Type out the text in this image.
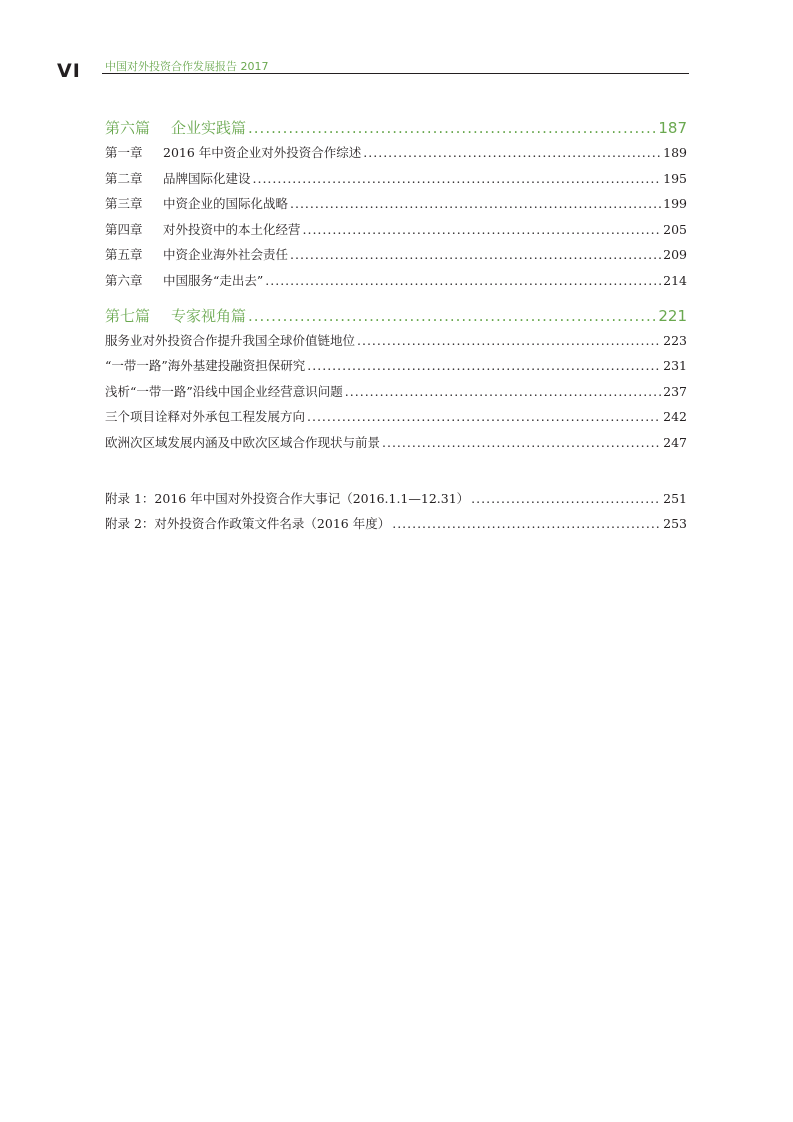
VI 中国对外投资合作发展报告 2017
第六篇	企业实践篇 .....	187
第一章	2016 年中资企业对外投资合作综述 .....	189
第二章	品牌国际化建设 .....	195
第三章	中资企业的国际化战略 .....	199
第四章	对外投资中的本土化经营 .....	205
第五章	中资企业海外社会责任 .....	209
第六章	中国服务“走出去” .....	214
第七篇	专家视角篇 .....	221
服务业对外投资合作提升我国全球价值链地位 .....	223
“一带一路”海外基建投融资担保研究 .....	231
浅析“一带一路”沿线中国企业经营意识问题 .....	237
三个项目诠释对外承包工程发展方向 .....	242
欧洲次区域发展内涵及中欧次区域合作现状与前景 .....	247
附录 1：2016 年中国对外投资合作大事记（2016.1.1—12.31） .....	251
附录 2：对外投资合作政策文件名录（2016 年度） .....	253
